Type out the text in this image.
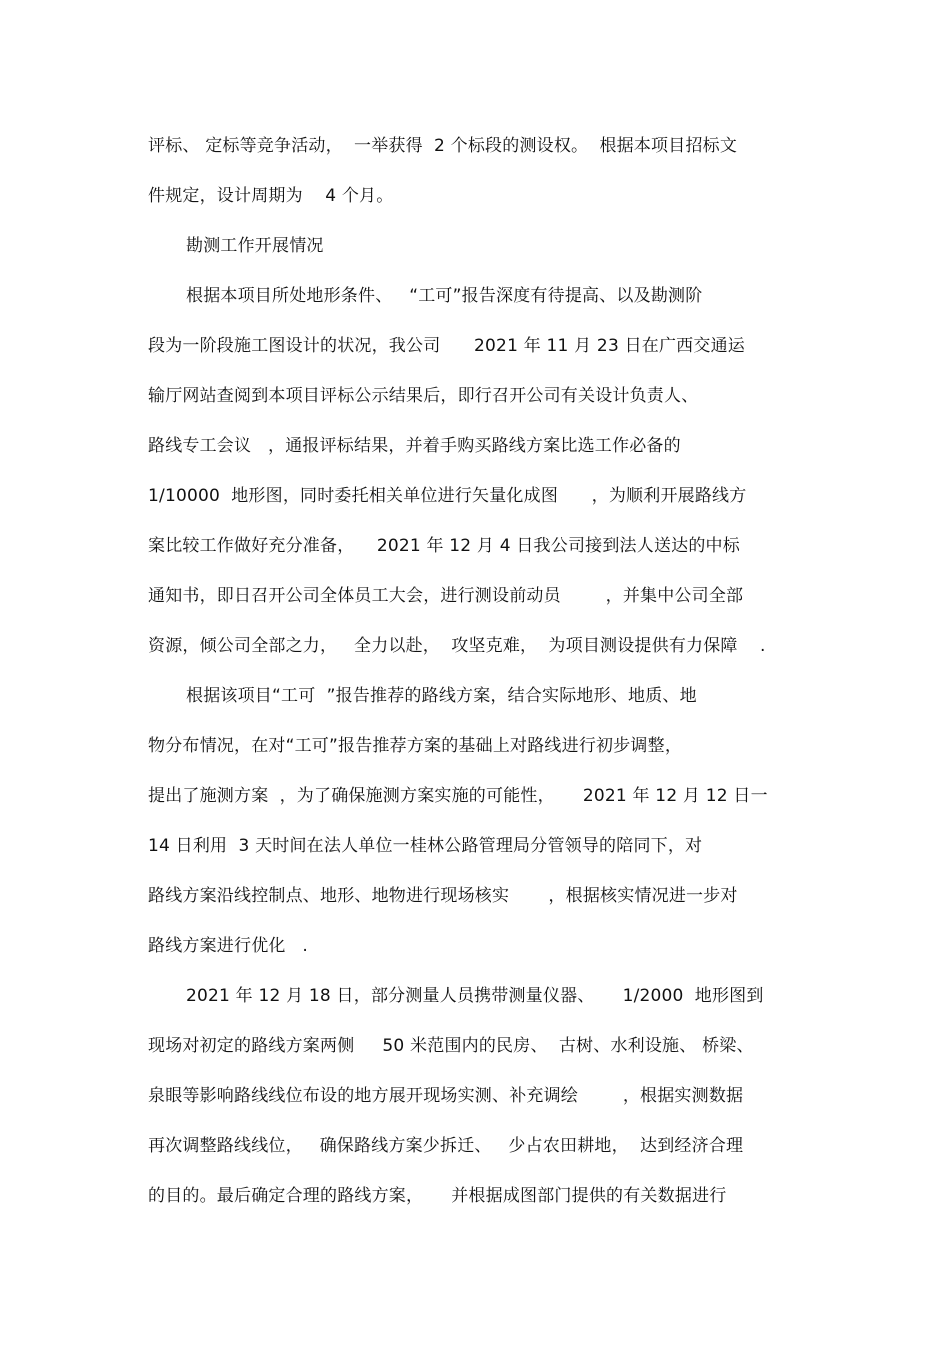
评标、 定标等竞争活动，  一举获得  2 个标段的测设权。  根据本项目招标文
件规定，设计周期为    4 个月。
勘测工作开展情况
根据本项目所处地形条件、   “工可”报告深度有待提高、以及勘测阶
段为一阶段施工图设计的状况，我公司      2021 年 11 月 23 日在广西交通运
输厅网站查阅到本项目评标公示结果后，即行召开公司有关设计负责人、
路线专工会议   ，通报评标结果，并着手购买路线方案比选工作必备的
1/10000  地形图，同时委托相关单位进行矢量化成图      ，为顺利开展路线方
案比较工作做好充分准备，    2021 年 12 月 4 日我公司接到法人送达的中标
通知书，即日召开公司全体员工大会，进行测设前动员        ，并集中公司全部
资源，倾公司全部之力，   全力以赴，  攻坚克难，  为项目测设提供有力保障    .
根据该项目“工可  ”报告推荐的路线方案，结合实际地形、地质、地
物分布情况，在对“工可”报告推荐方案的基础上对路线进行初步调整，
提出了施测方案  ，为了确保施测方案实施的可能性，     2021 年 12 月 12 日一
14 日利用  3 天时间在法人单位一桂林公路管理局分管领导的陪同下，对
路线方案沿线控制点、地形、地物进行现场核实       ，根据核实情况进一步对
路线方案进行优化   .
2021 年 12 月 18 日，部分测量人员携带测量仪器、     1/2000  地形图到
现场对初定的路线方案两侧     50 米范围内的民房、  古树、水利设施、 桥梁、
泉眼等影响路线线位布设的地方展开现场实测、补充调绘        ，根据实测数据
再次调整路线线位，   确保路线方案少拆迁、   少占农田耕地，  达到经济合理
的目的。最后确定合理的路线方案，     并根据成图部门提供的有关数据进行
